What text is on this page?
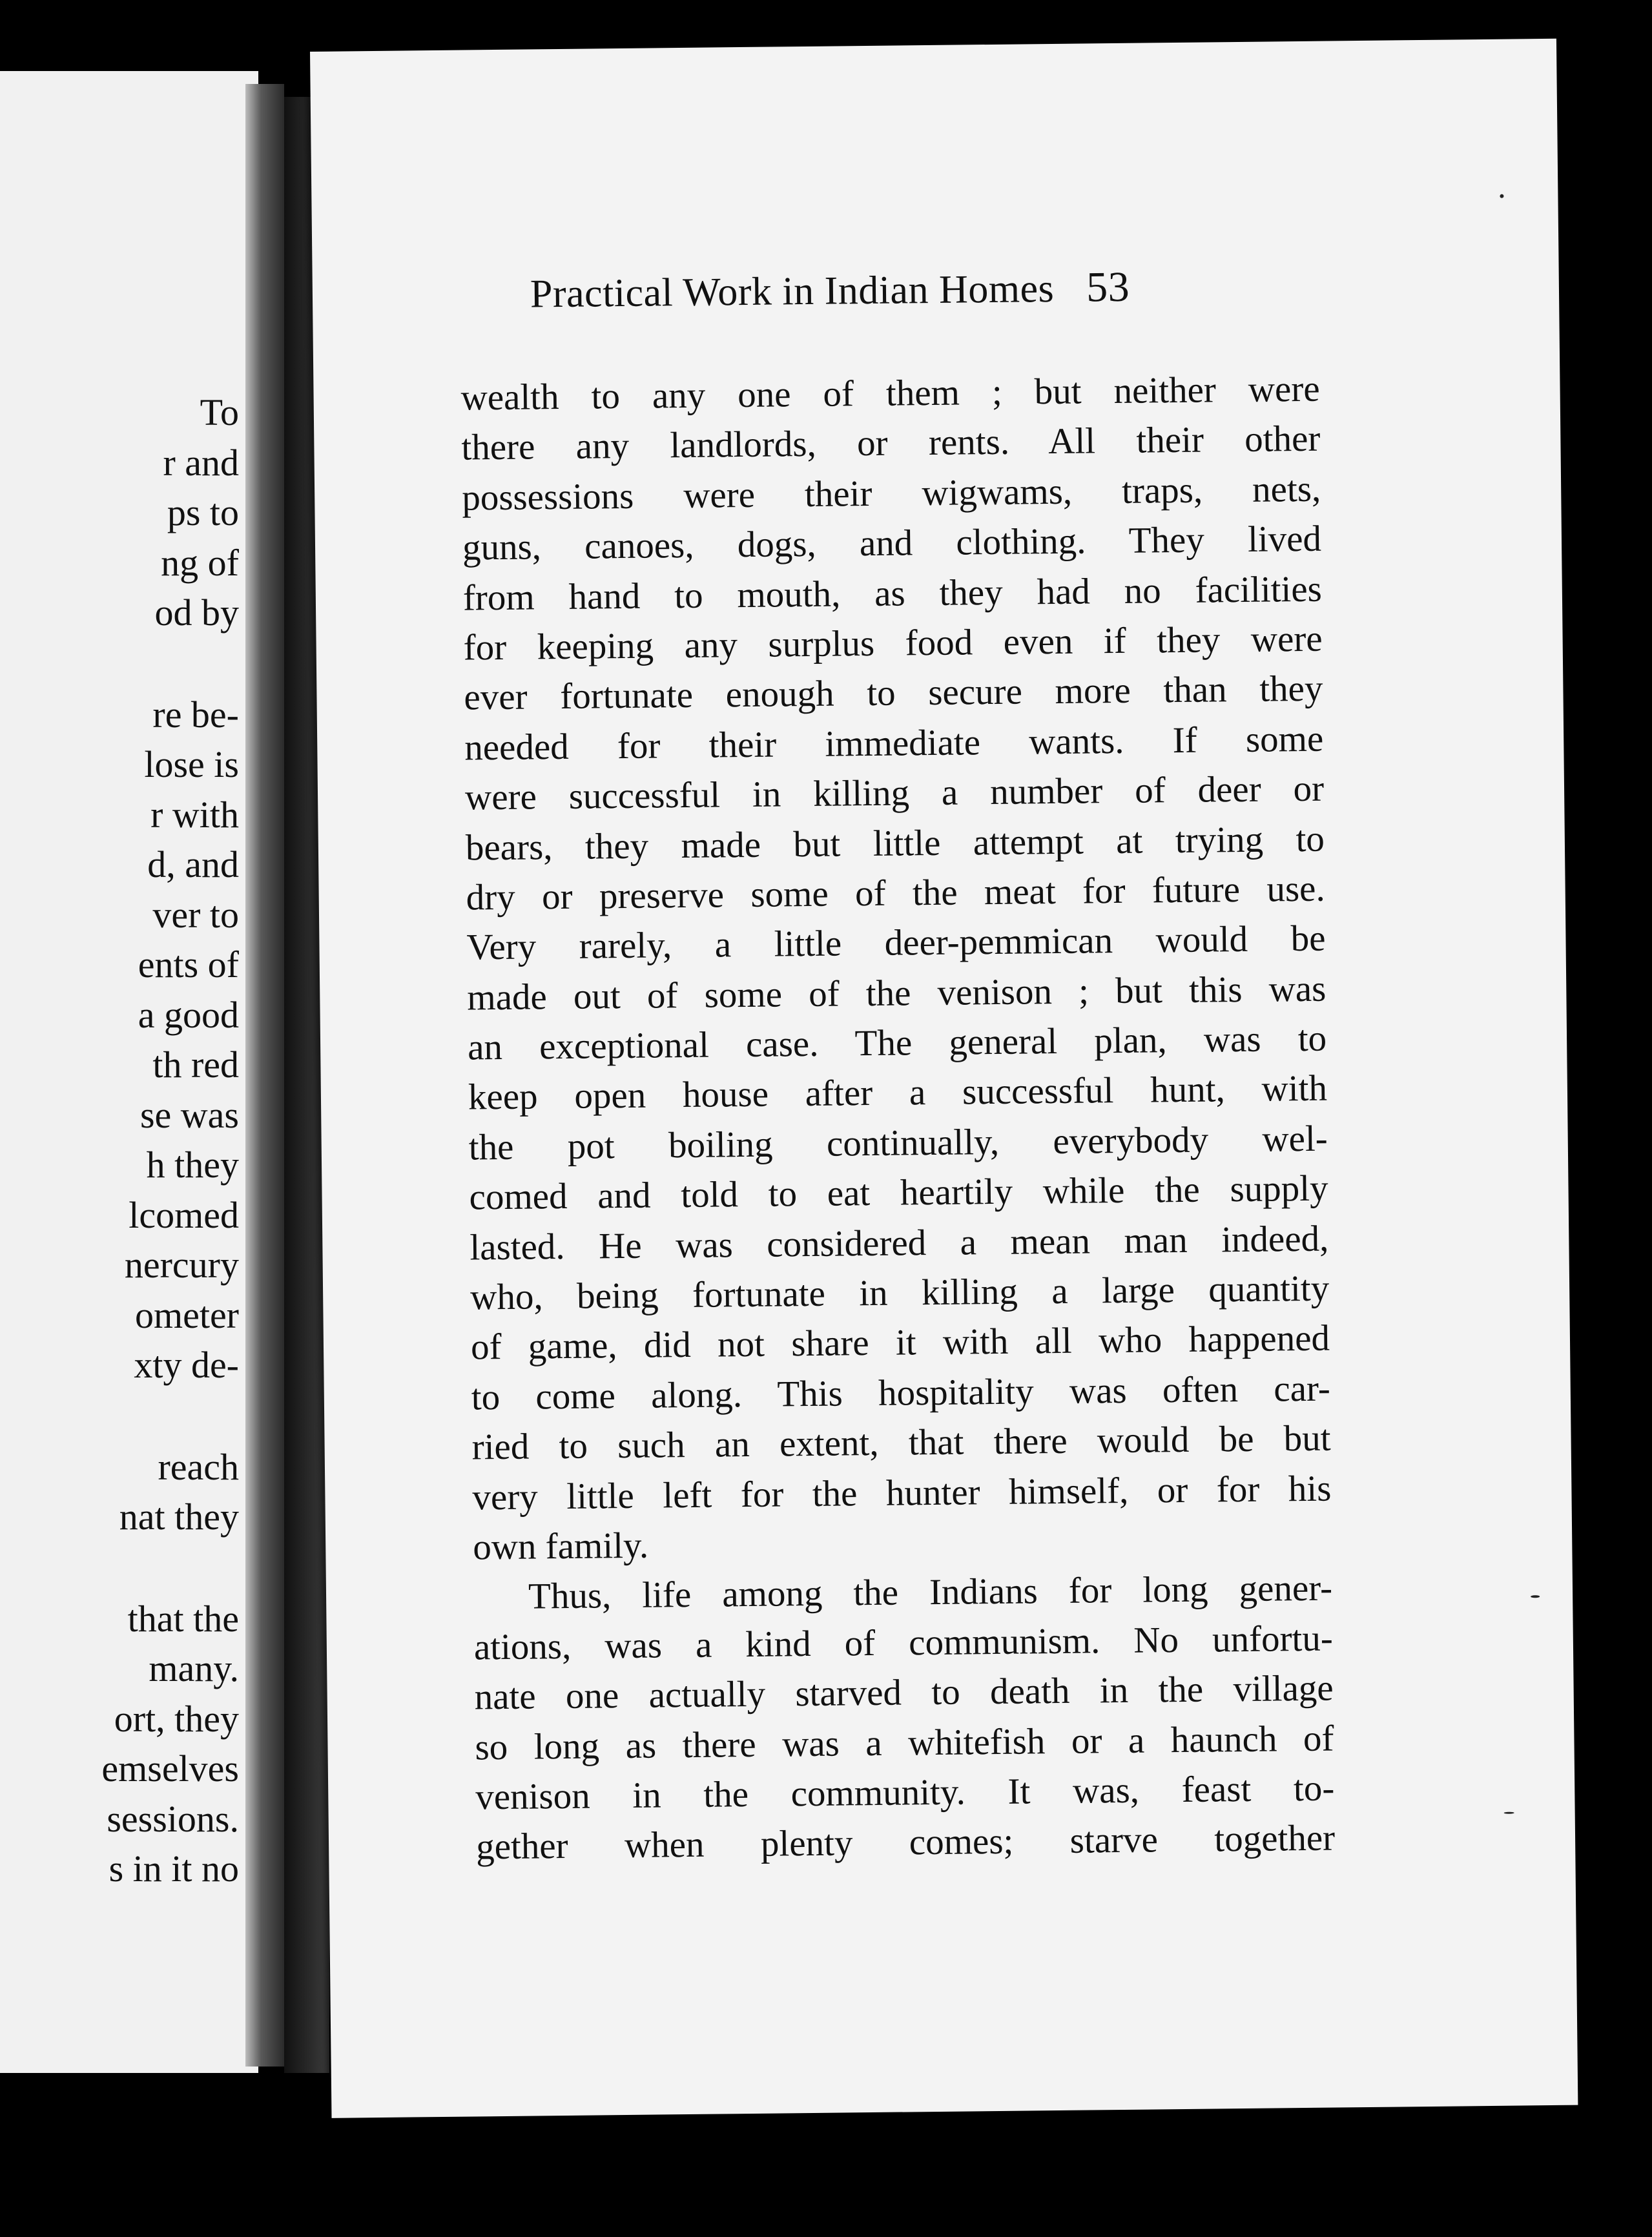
To
r and
ps to
ng of
od by
re be-
lose is
r with
d, and
ver to
ents of
a good
th red
se was
h they
lcomed
nercury
ometer
xty de-
reach
nat they
that the
many.
ort, they
emselves
sessions.
s in it no
Practical Work in Indian Homes 53
wealth to any one of them ; but neither were
there any landlords, or rents. All their other
possessions were their wigwams, traps, nets,
guns, canoes, dogs, and clothing. They lived
from hand to mouth, as they had no facilities
for keeping any surplus food even if they were
ever fortunate enough to secure more than they
needed for their immediate wants. If some
were successful in killing a number of deer or
bears, they made but little attempt at trying to
dry or preserve some of the meat for future use.
Very rarely, a little deer-pemmican would be
made out of some of the venison ; but this was
an exceptional case. The general plan, was to
keep open house after a successful hunt, with
the pot boiling continually, everybody wel-
comed and told to eat heartily while the supply
lasted. He was considered a mean man indeed,
who, being fortunate in killing a large quantity
of game, did not share it with all who happened
to come along. This hospitality was often car-
ried to such an extent, that there would be but
very little left for the hunter himself, or for his
own family.
Thus, life among the Indians for long gener-
ations, was a kind of communism. No unfortu-
nate one actually starved to death in the village
so long as there was a whitefish or a haunch of
venison in the community. It was, feast to-
gether when plenty comes; starve together
